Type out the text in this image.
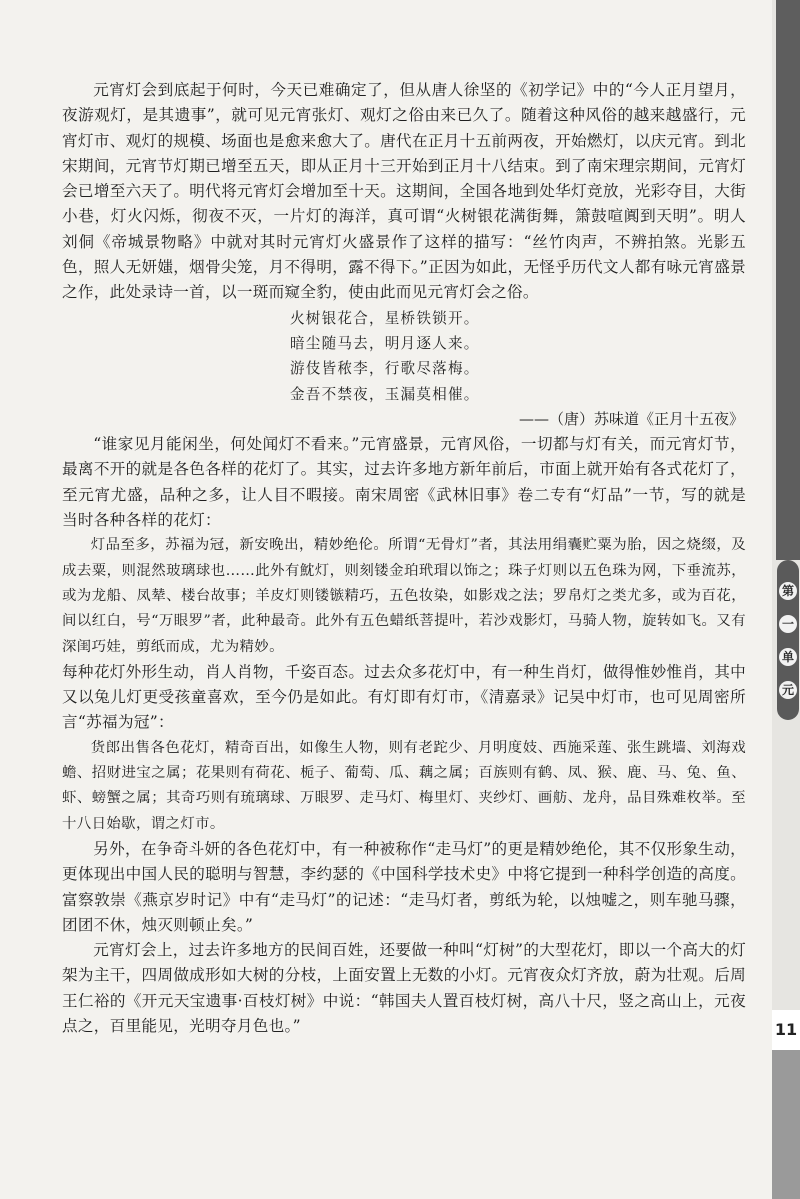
元宵灯会到底起于何时，今天已难确定了，但从唐人徐坚的《初学记》中的“今人正月望月，夜游观灯，是其遗事”，就可见元宵张灯、观灯之俗由来已久了。随着这种风俗的越来越盛行，元宵灯市、观灯的规模、场面也是愈来愈大了。唐代在正月十五前两夜，开始燃灯，以庆元宵。到北宋期间，元宵节灯期已增至五天，即从正月十三开始到正月十八结束。到了南宋理宗期间，元宵灯会已增至六天了。明代将元宵灯会增加至十天。这期间，全国各地到处华灯竞放，光彩夺目，大街小巷，灯火闪烁，彻夜不灭，一片灯的海洋，真可谓“火树银花满街舞，箫鼓喧阗到天明”。明人刘侗《帝城景物略》中就对其时元宵灯火盛景作了这样的描写：“丝竹肉声，不辨拍煞。光影五色，照人无妍媸，烟骨尖笼，月不得明，露不得下。”正因为如此，无怪乎历代文人都有咏元宵盛景之作，此处录诗一首，以一斑而窥全豹，使由此而见元宵灯会之俗。

火树银花合，星桥铁锁开。
暗尘随马去，明月逐人来。
游伎皆秾李，行歌尽落梅。
金吾不禁夜，玉漏莫相催。

——（唐）苏味道《正月十五夜》

“谁家见月能闲坐，何处闻灯不看来。”元宵盛景，元宵风俗，一切都与灯有关，而元宵灯节，最离不开的就是各色各样的花灯了。其实，过去许多地方新年前后，市面上就开始有各式花灯了，至元宵尤盛，品种之多，让人目不暇接。南宋周密《武林旧事》卷二专有“灯品”一节，写的就是当时各种各样的花灯：

灯品至多，苏福为冠，新安晚出，精妙绝伦。所谓“无骨灯”者，其法用绢囊贮粟为胎，因之烧缀，及成去粟，则混然玻璃球也……此外有魫灯，则刻镂金珀玳瑁以饰之；珠子灯则以五色珠为网，下垂流苏，或为龙船、凤辇、楼台故事；羊皮灯则镂镞精巧，五色妆染，如影戏之法；罗帛灯之类尤多，或为百花，间以红白，号“万眼罗”者，此种最奇。此外有五色蜡纸菩提叶，若沙戏影灯，马骑人物，旋转如飞。又有深闺巧娃，剪纸而成，尤为精妙。

每种花灯外形生动，肖人肖物，千姿百态。过去众多花灯中，有一种生肖灯，做得惟妙惟肖，其中又以兔儿灯更受孩童喜欢，至今仍是如此。有灯即有灯市，《清嘉录》记吴中灯市，也可见周密所言“苏福为冠”：

货郎出售各色花灯，精奇百出，如像生人物，则有老跎少、月明度妓、西施采莲、张生跳墙、刘海戏蟾、招财进宝之属；花果则有荷花、栀子、葡萄、瓜、藕之属；百族则有鹤、凤、猴、鹿、马、兔、鱼、虾、螃蟹之属；其奇巧则有琉璃球、万眼罗、走马灯、梅里灯、夹纱灯、画舫、龙舟，品目殊难枚举。至十八日始歇，谓之灯市。

另外，在争奇斗妍的各色花灯中，有一种被称作“走马灯”的更是精妙绝伦，其不仅形象生动，更体现出中国人民的聪明与智慧，李约瑟的《中国科学技术史》中将它提到一种科学创造的高度。富察敦崇《燕京岁时记》中有“走马灯”的记述：“走马灯者，剪纸为轮，以烛嘘之，则车驰马骤，团团不休，烛灭则顿止矣。”

元宵灯会上，过去许多地方的民间百姓，还要做一种叫“灯树”的大型花灯，即以一个高大的灯架为主干，四周做成形如大树的分枝，上面安置上无数的小灯。元宵夜众灯齐放，蔚为壮观。后周王仁裕的《开元天宝遗事·百枝灯树》中说：“韩国夫人置百枝灯树，高八十尺，竖之高山上，元夜点之，百里能见，光明夺月色也。”

第
一
单
元
11
